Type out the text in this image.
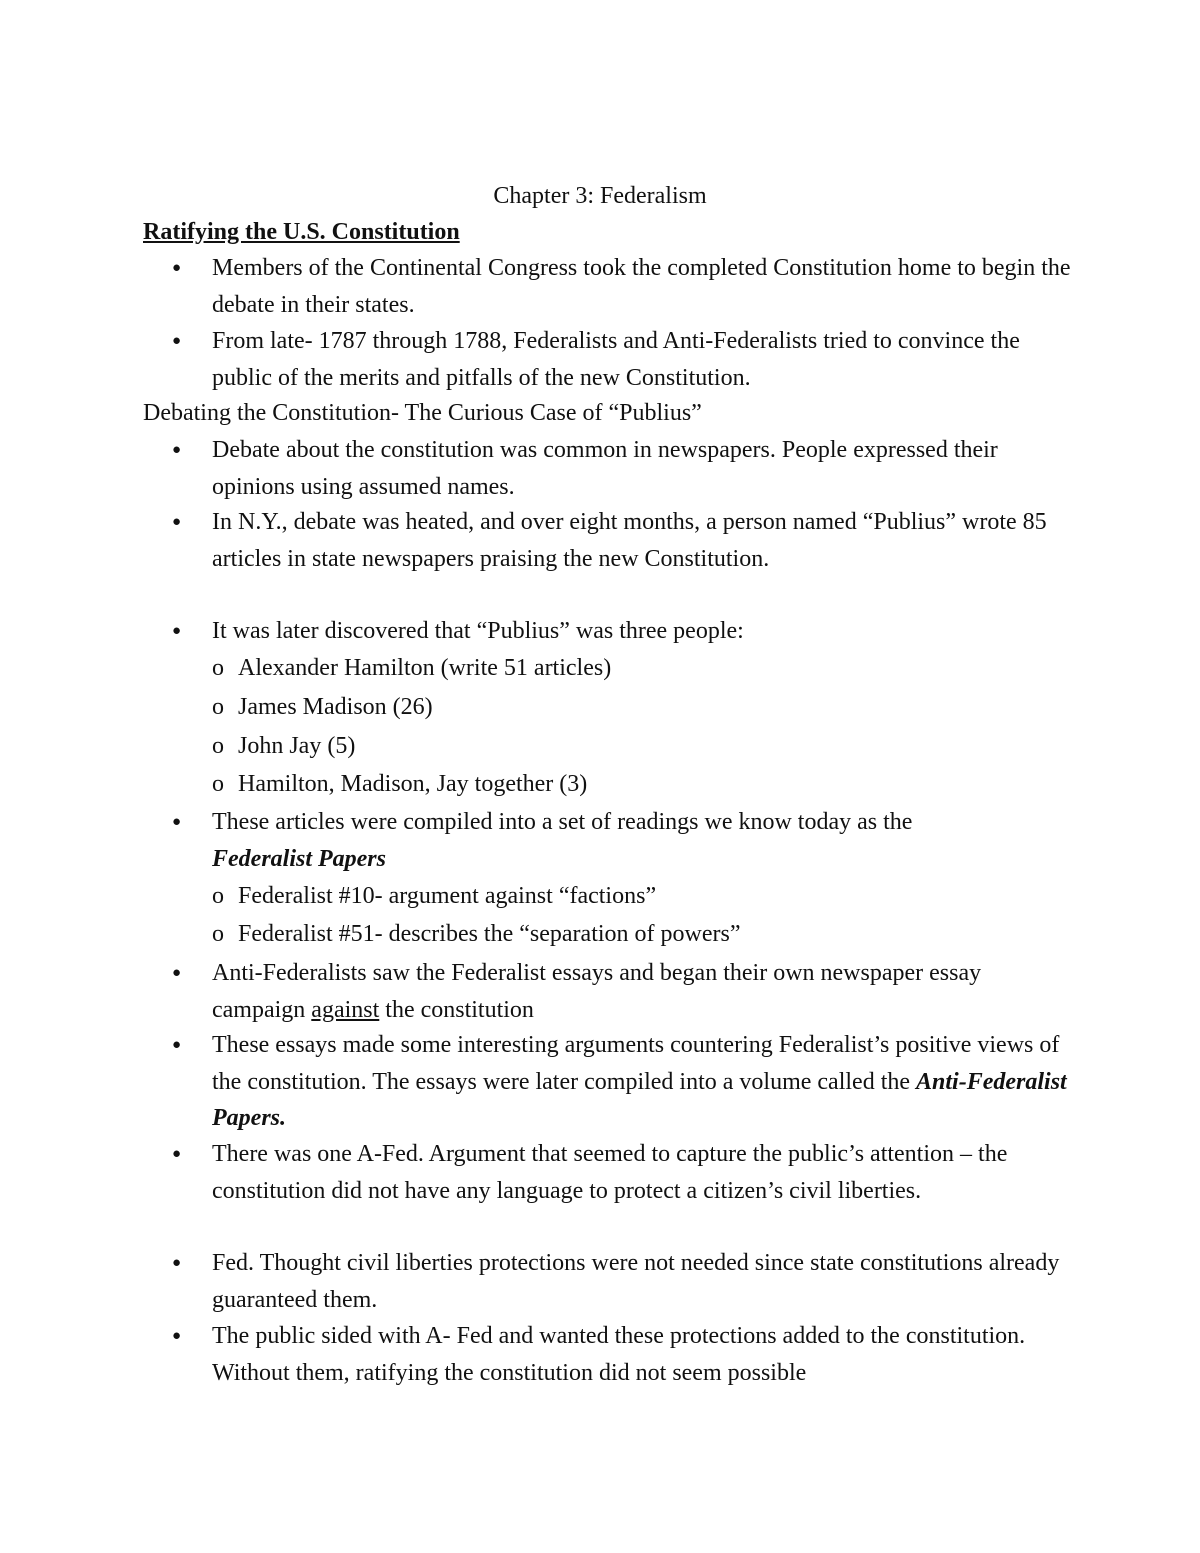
Chapter 3: Federalism
Ratifying the U.S. Constitution
● Members of the Continental Congress took the completed Constitution home to begin the debate in their states.
● From late- 1787 through 1788, Federalists and Anti-Federalists tried to convince the public of the merits and pitfalls of the new Constitution.
Debating the Constitution- The Curious Case of “Publius”
● Debate about the constitution was common in newspapers. People expressed their opinions using assumed names.
● In N.Y., debate was heated, and over eight months, a person named “Publius” wrote 85 articles in state newspapers praising the new Constitution.
● It was later discovered that “Publius” was three people:
o Alexander Hamilton (write 51 articles)
o James Madison (26)
o John Jay (5)
o Hamilton, Madison, Jay together (3)
● These articles were compiled into a set of readings we know today as the
Federalist Papers
o Federalist #10- argument against “factions”
o Federalist #51- describes the “separation of powers”
● Anti-Federalists saw the Federalist essays and began their own newspaper essay campaign against the constitution
● These essays made some interesting arguments countering Federalist’s positive views of the constitution. The essays were later compiled into a volume called the Anti-Federalist Papers.
● There was one A-Fed. Argument that seemed to capture the public’s attention – the constitution did not have any language to protect a citizen’s civil liberties.
● Fed. Thought civil liberties protections were not needed since state constitutions already guaranteed them.
● The public sided with A- Fed and wanted these protections added to the constitution. Without them, ratifying the constitution did not seem possible
